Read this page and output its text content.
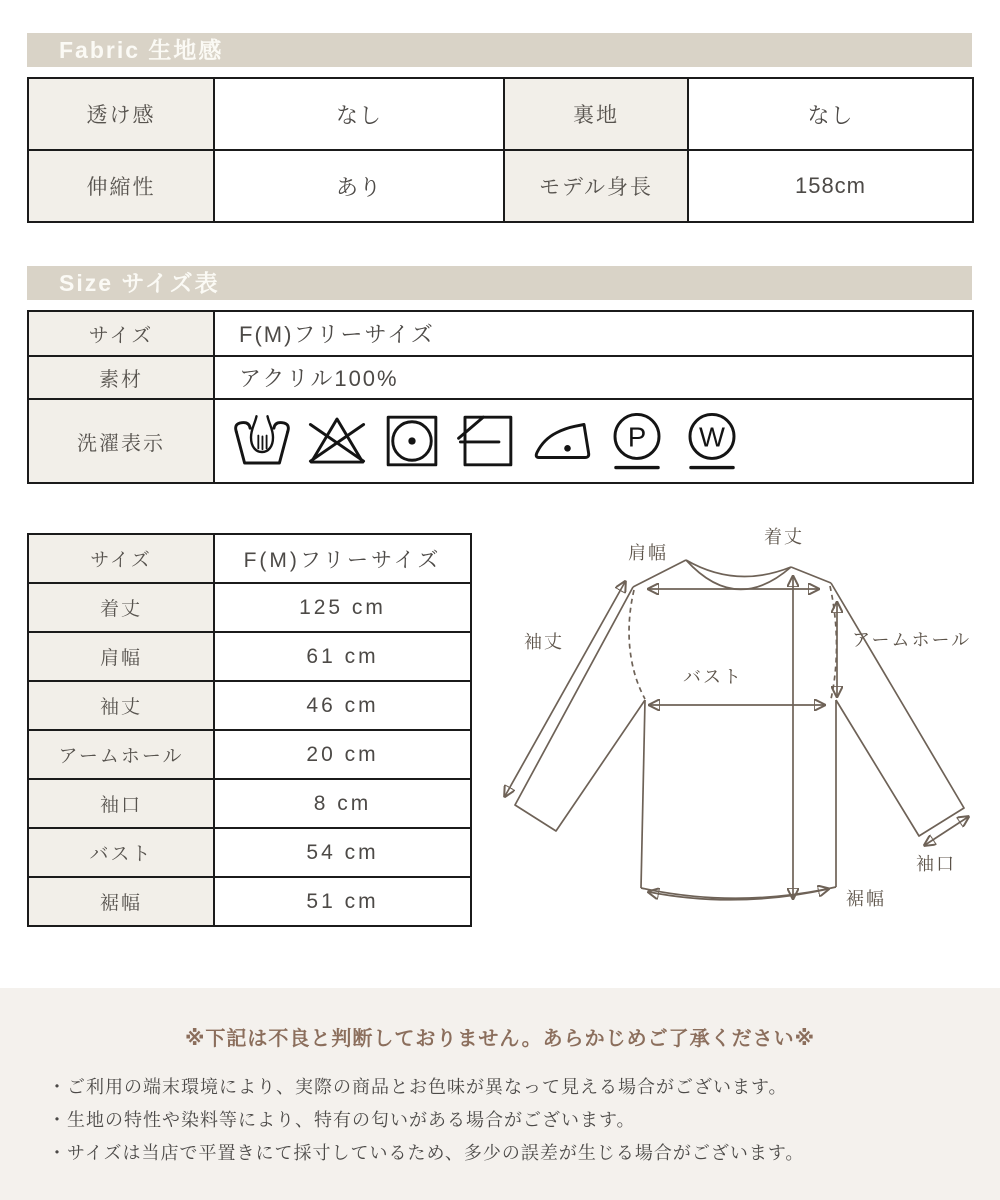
Fabric 生地感
透け感	なし	裏地	なし
伸縮性	あり	モデル身長	158cm
Size サイズ表
サイズ	F(M)フリーサイズ
素材	アクリル100%
洗濯表示	P W
サイズ	F(M)フリーサイズ
着丈	125 cm
肩幅	61 cm
袖丈	46 cm
アームホール	20 cm
袖口	8 cm
バスト	54 cm
裾幅	51 cm
肩幅
着丈
袖丈	アームホール
バスト
袖口
裾幅
※下記は不良と判断しておりません。あらかじめご了承ください※
・ご利用の端末環境により、実際の商品とお色味が異なって見える場合がございます。
・生地の特性や染料等により、特有の匂いがある場合がございます。
・サイズは当店で平置きにて採寸しているため、多少の誤差が生じる場合がございます。
